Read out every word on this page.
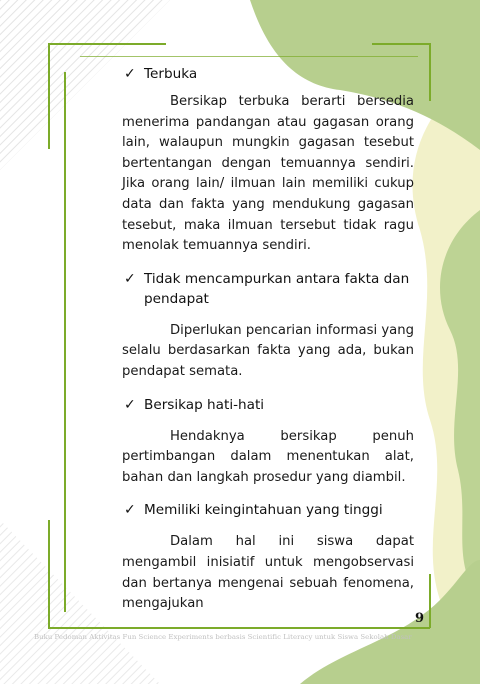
✓ Terbuka

Bersikap terbuka berarti bersedia menerima pandangan atau gagasan orang lain, walaupun mungkin gagasan tesebut bertentangan dengan temuannya sendiri. Jika orang lain/ ilmuan lain memiliki cukup data dan fakta yang mendukung gagasan tesebut, maka ilmuan tersebut tidak ragu menolak temuannya sendiri.

✓ Tidak mencampurkan antara fakta dan pendapat

Diperlukan pencarian informasi yang selalu berdasarkan fakta yang ada, bukan pendapat semata.

✓ Bersikap hati-hati

Hendaknya bersikap penuh pertimbangan dalam menentukan alat, bahan dan langkah prosedur yang diambil.

✓ Memiliki keingintahuan yang tinggi

Dalam hal ini siswa dapat mengambil inisiatif untuk mengobservasi dan bertanya mengenai sebuah fenomena, mengajukan

9
Buku Pedoman Aktivitas Fun Science Experiments berbasis Scientific Literacy untuk Siswa Sekolah Dasar
